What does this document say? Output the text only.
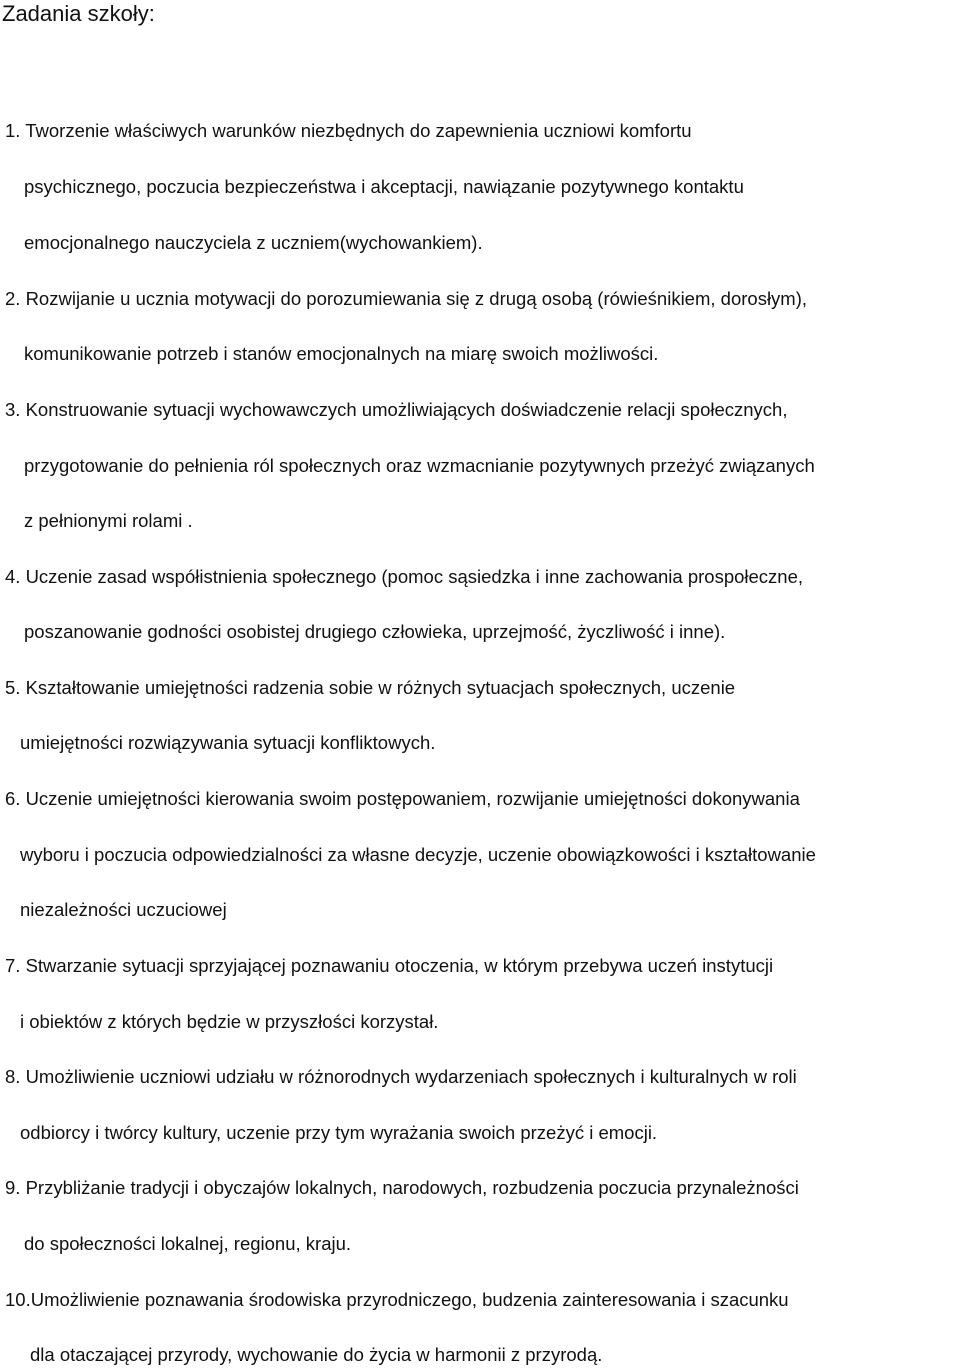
Zadania szkoły:

1. Tworzenie właściwych warunków niezbędnych do zapewnienia uczniowi komfortu

psychicznego, poczucia bezpieczeństwa i akceptacji, nawiązanie pozytywnego kontaktu

emocjonalnego nauczyciela z uczniem(wychowankiem).

2. Rozwijanie u ucznia motywacji do porozumiewania się z drugą osobą (rówieśnikiem, dorosłym),

komunikowanie potrzeb i stanów emocjonalnych na miarę swoich możliwości.

3. Konstruowanie sytuacji wychowawczych umożliwiających doświadczenie relacji społecznych,

przygotowanie do pełnienia ról społecznych oraz wzmacnianie pozytywnych przeżyć związanych

z pełnionymi rolami .

4. Uczenie zasad współistnienia społecznego (pomoc sąsiedzka i inne zachowania prospołeczne,

poszanowanie godności osobistej drugiego człowieka, uprzejmość, życzliwość i inne).

5. Kształtowanie umiejętności radzenia sobie w różnych sytuacjach społecznych, uczenie

umiejętności rozwiązywania sytuacji konfliktowych.

6. Uczenie umiejętności kierowania swoim postępowaniem, rozwijanie umiejętności dokonywania

wyboru i poczucia odpowiedzialności za własne decyzje, uczenie obowiązkowości i kształtowanie

niezależności uczuciowej

7. Stwarzanie sytuacji sprzyjającej poznawaniu otoczenia, w którym przebywa uczeń instytucji

i obiektów z których będzie w przyszłości korzystał.

8. Umożliwienie uczniowi udziału w różnorodnych wydarzeniach społecznych i kulturalnych w roli

odbiorcy i twórcy kultury, uczenie przy tym wyrażania swoich przeżyć i emocji.

9. Przybliżanie tradycji i obyczajów lokalnych, narodowych, rozbudzenia poczucia przynależności

do społeczności lokalnej, regionu, kraju.

10.Umożliwienie poznawania środowiska przyrodniczego, budzenia zainteresowania i szacunku

dla otaczającej przyrody, wychowanie do życia w harmonii z przyrodą.
